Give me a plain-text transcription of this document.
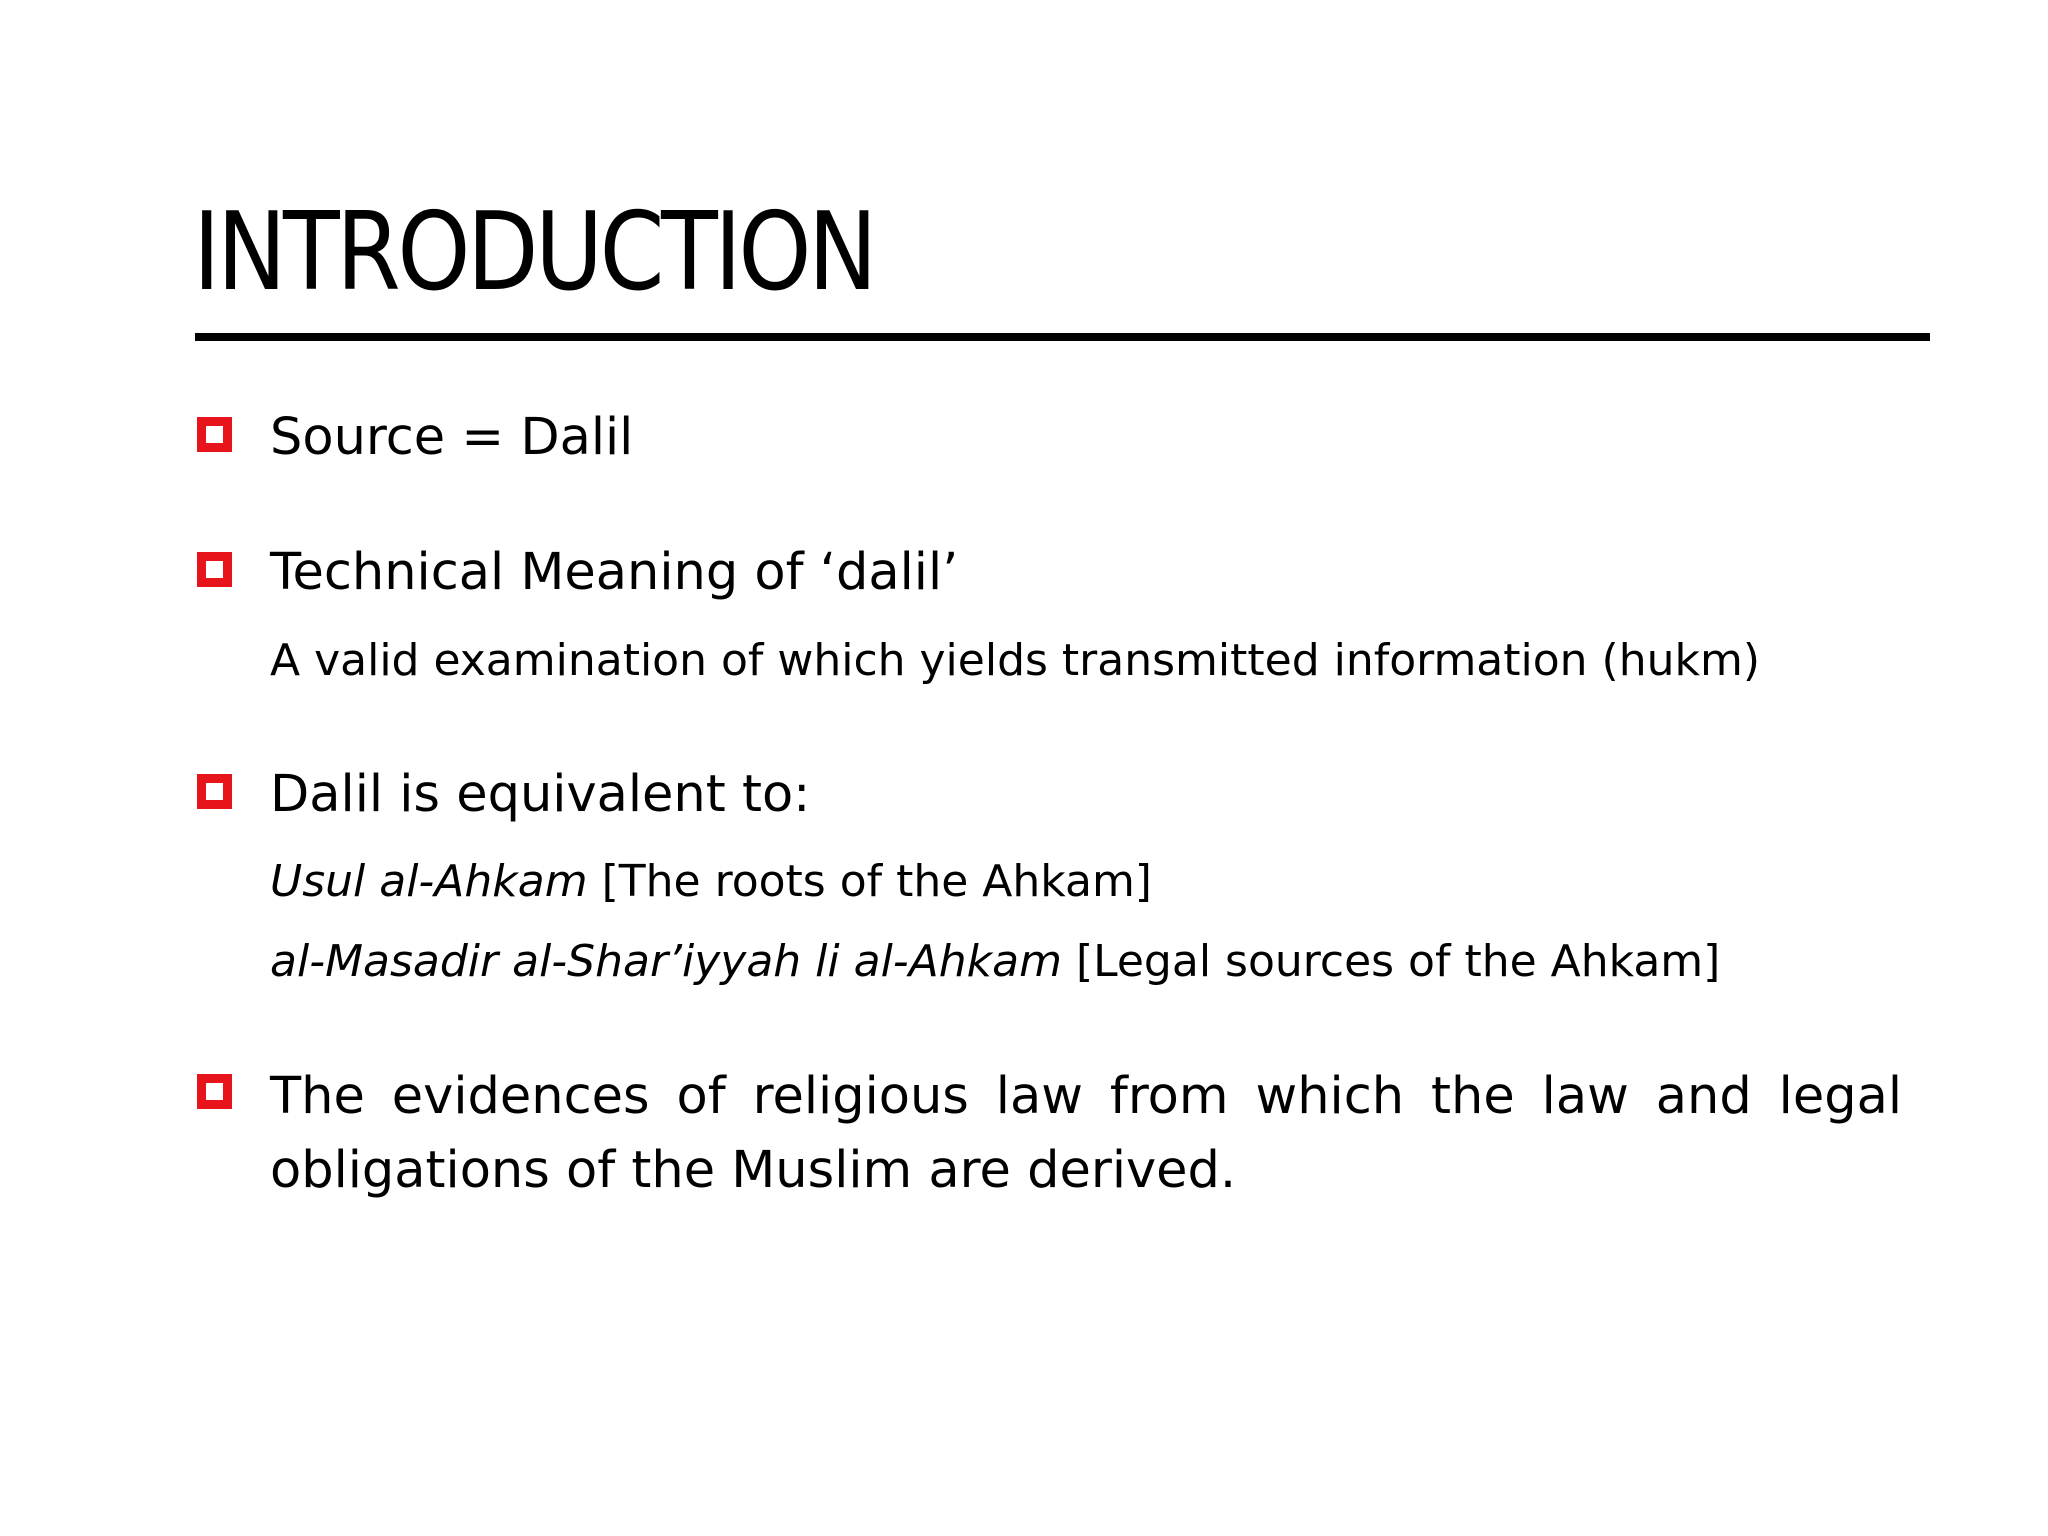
INTRODUCTION

Source = Dalil

Technical Meaning of ‘dalil’

A valid examination of which yields transmitted information (hukm)

Dalil is equivalent to:

Usul al-Ahkam [The roots of the Ahkam]

al-Masadir al-Shar’iyyah li al-Ahkam [Legal sources of the Ahkam]

The evidences of religious law from which the law and legal obligations of the Muslim are derived.
